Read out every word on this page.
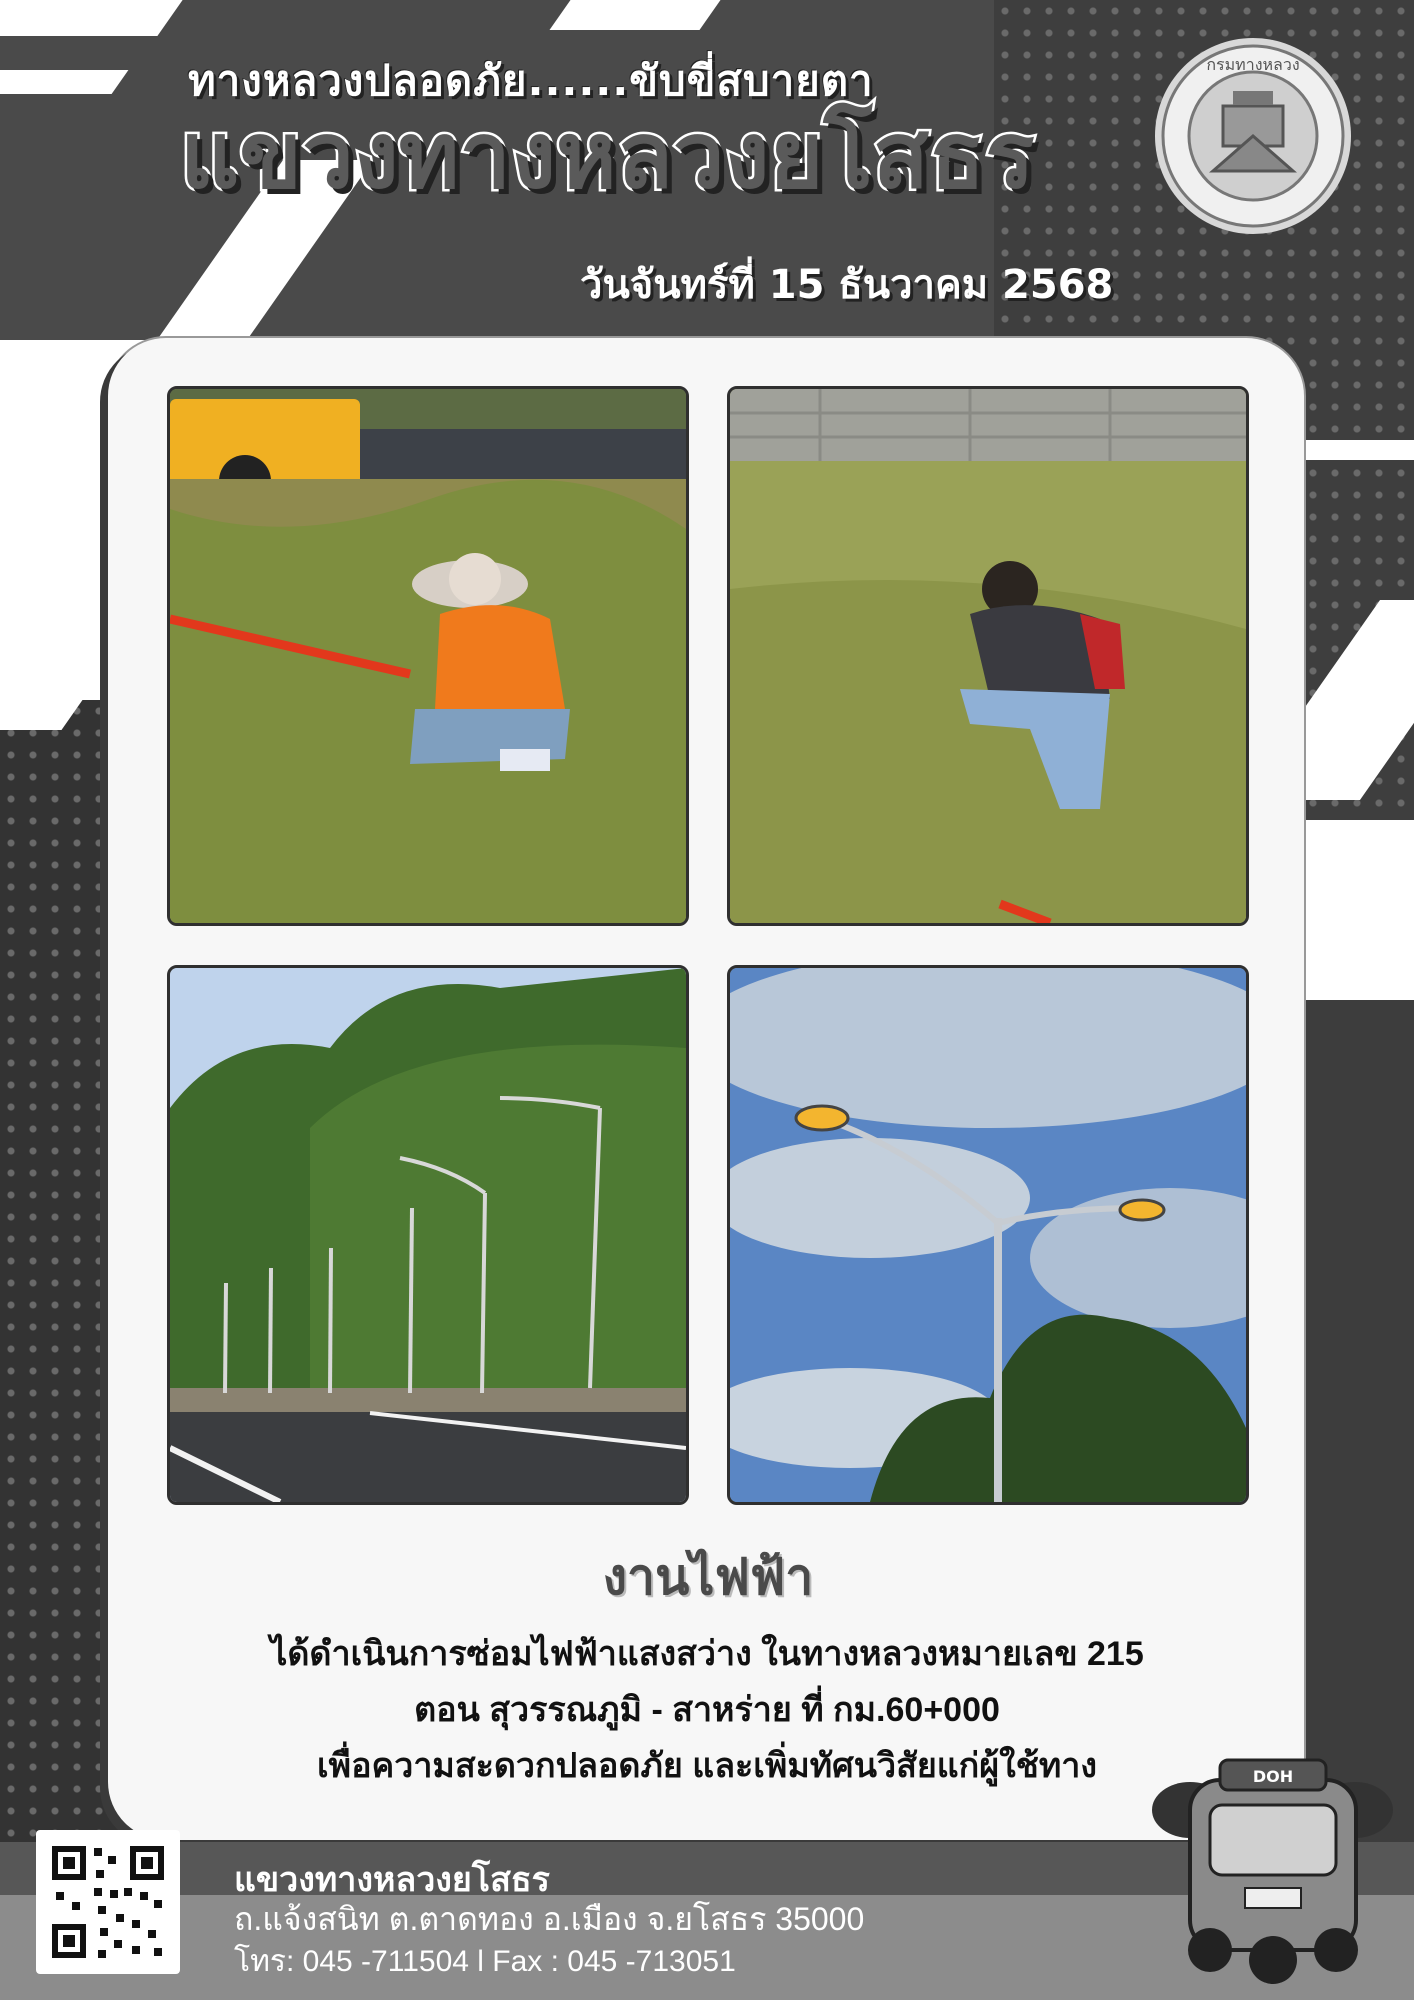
ทางหลวงปลอดภัย......ขับขี่สบายตา
แขวงทางหลวงยโสธร
วันจันทร์ที่ 15 ธันวาคม 2568
กรมทางหลวง
งานไฟฟ้า
ได้ดำเนินการซ่อมไฟฟ้าแสงสว่าง ในทางหลวงหมายเลข 215
ตอน สุวรรณภูมิ - สาหร่าย ที่ กม.60+000
เพื่อความสะดวกปลอดภัย และเพิ่มทัศนวิสัยแก่ผู้ใช้ทาง
แขวงทางหลวงยโสธร
ถ.แจ้งสนิท ต.ตาดทอง อ.เมือง จ.ยโสธร 35000
โทร: 045 -711504 l Fax : 045 -713051
DOH
